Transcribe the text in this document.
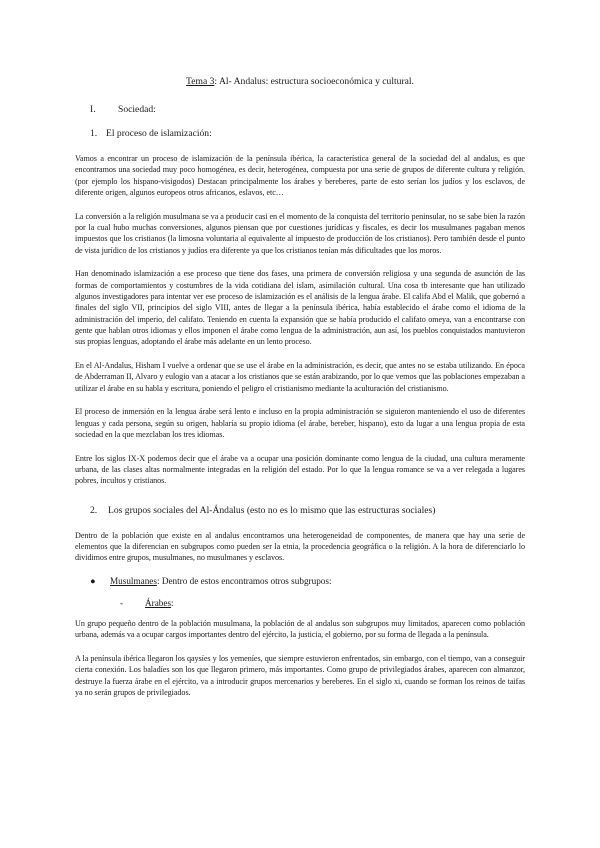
Tema 3: Al- Andalus: estructura socioeconómica y cultural.
I. Sociedad:
1. El proceso de islamización:

Vamos a encontrar un proceso de islamización de la península ibérica, la característica general de la sociedad del al andalus, es que encontramos una sociedad muy poco homogénea, es decir, heterogénea, compuesta por una serie de grupos de diferente cultura y religión. (por ejemplo los hispano-visigodos) Destacan principalmente los árabes y bereberes, parte de esto serían los judíos y los esclavos, de diferente origen, algunos europeos otros africanos, eslavos, etc…

La conversión a la religión musulmana se va a producir casi en el momento de la conquista del territorio peninsular, no se sabe bien la razón por la cual hubo muchas conversiones, algunos piensan que por cuestiones jurídicas y fiscales, es decir los musulmanes pagaban menos impuestos que los cristianos (la limosna voluntaria al equivalente al impuesto de producción de los cristianos). Pero también desde el punto de vista jurídico de los cristianos y judíos era diferente ya que los cristianos tenían más dificultades que los moros.

Han denominado islamización a ese proceso que tiene dos fases, una primera de conversión religiosa y una segunda de asunción de las formas de comportamientos y costumbres de la vida cotidiana del islam, asimilación cultural. Una cosa tb interesante que han utilizado algunos investigadores para intentar ver ese proceso de islamización es el análisis de la lengua árabe. El califa Abd el Malik, que gobernó a finales del siglo VII, principios del siglo VIII, antes de llegar a la península ibérica, había establecido el árabe como el idioma de la administración del imperio, del califato. Teniendo en cuenta la expansión que se había producido el califato omeya, van a encontrarse con gente que hablan otros idiomas y ellos imponen el árabe como lengua de la administración, aun así, los pueblos conquistados mantuvieron sus propias lenguas, adoptando el árabe más adelante en un lento proceso.

En el Al-Andalus, Hisham I vuelve a ordenar que se use el árabe en la administración, es decir, que antes no se estaba utilizando. En época de Abderraman II, Alvaro y eulogio van a atacar a los cristianos que se están arabizando, por lo que vemos que las poblaciones empezaban a utilizar el árabe en su habla y escritura, poniendo el peligro el cristianismo mediante la aculturación del cristianismo.

El proceso de inmersión en la lengua árabe será lento e incluso en la propia administración se siguieron manteniendo el uso de diferentes lenguas y cada persona, según su origen, hablaría su propio idioma (el árabe, bereber, hispano), esto da lugar a una lengua propia de esta sociedad en la que mezclaban los tres idiomas.

Entre los siglos IX-X podemos decir que el árabe va a ocupar una posición dominante como lengua de la ciudad, una cultura meramente urbana, de las clases altas normalmente integradas en la religión del estado. Por lo que la lengua romance se va a ver relegada a lugares pobres, incultos y cristianos.

2. Los grupos sociales del Al-Ándalus (esto no es lo mismo que las estructuras sociales)

Dentro de la población que existe en al andalus encontramos una heterogeneidad de componentes, de manera que hay una serie de elementos que la diferencian en subgrupos como pueden ser la etnia, la procedencia geográfica o la religión. A la hora de diferenciarlo lo dividimos entre grupos, musulmanes, no musulmanes y esclavos.

● Musulmanes: Dentro de estos encontramos otros subgrupos:
- Árabes:

Un grupo pequeño dentro de la población musulmana, la población de al andalus son subgrupos muy limitados, aparecen como población urbana, además va a ocupar cargos importantes dentro del ejército, la justicia, el gobierno, por su forma de llegada a la península.

A la península ibérica llegaron los qaysíes y los yemeníes, que siempre estuvieron enfrentados, sin embargo, con el tiempo, van a conseguir cierta conexión. Los baladíes son los que llegaron primero, más importantes. Como grupo de privilegiados árabes, aparecen con almanzor, destruye la fuerza árabe en el ejército, va a introducir grupos mercenarios y bereberes. En el siglo xi, cuando se forman los reinos de taifas ya no serán grupos de privilegiados.
